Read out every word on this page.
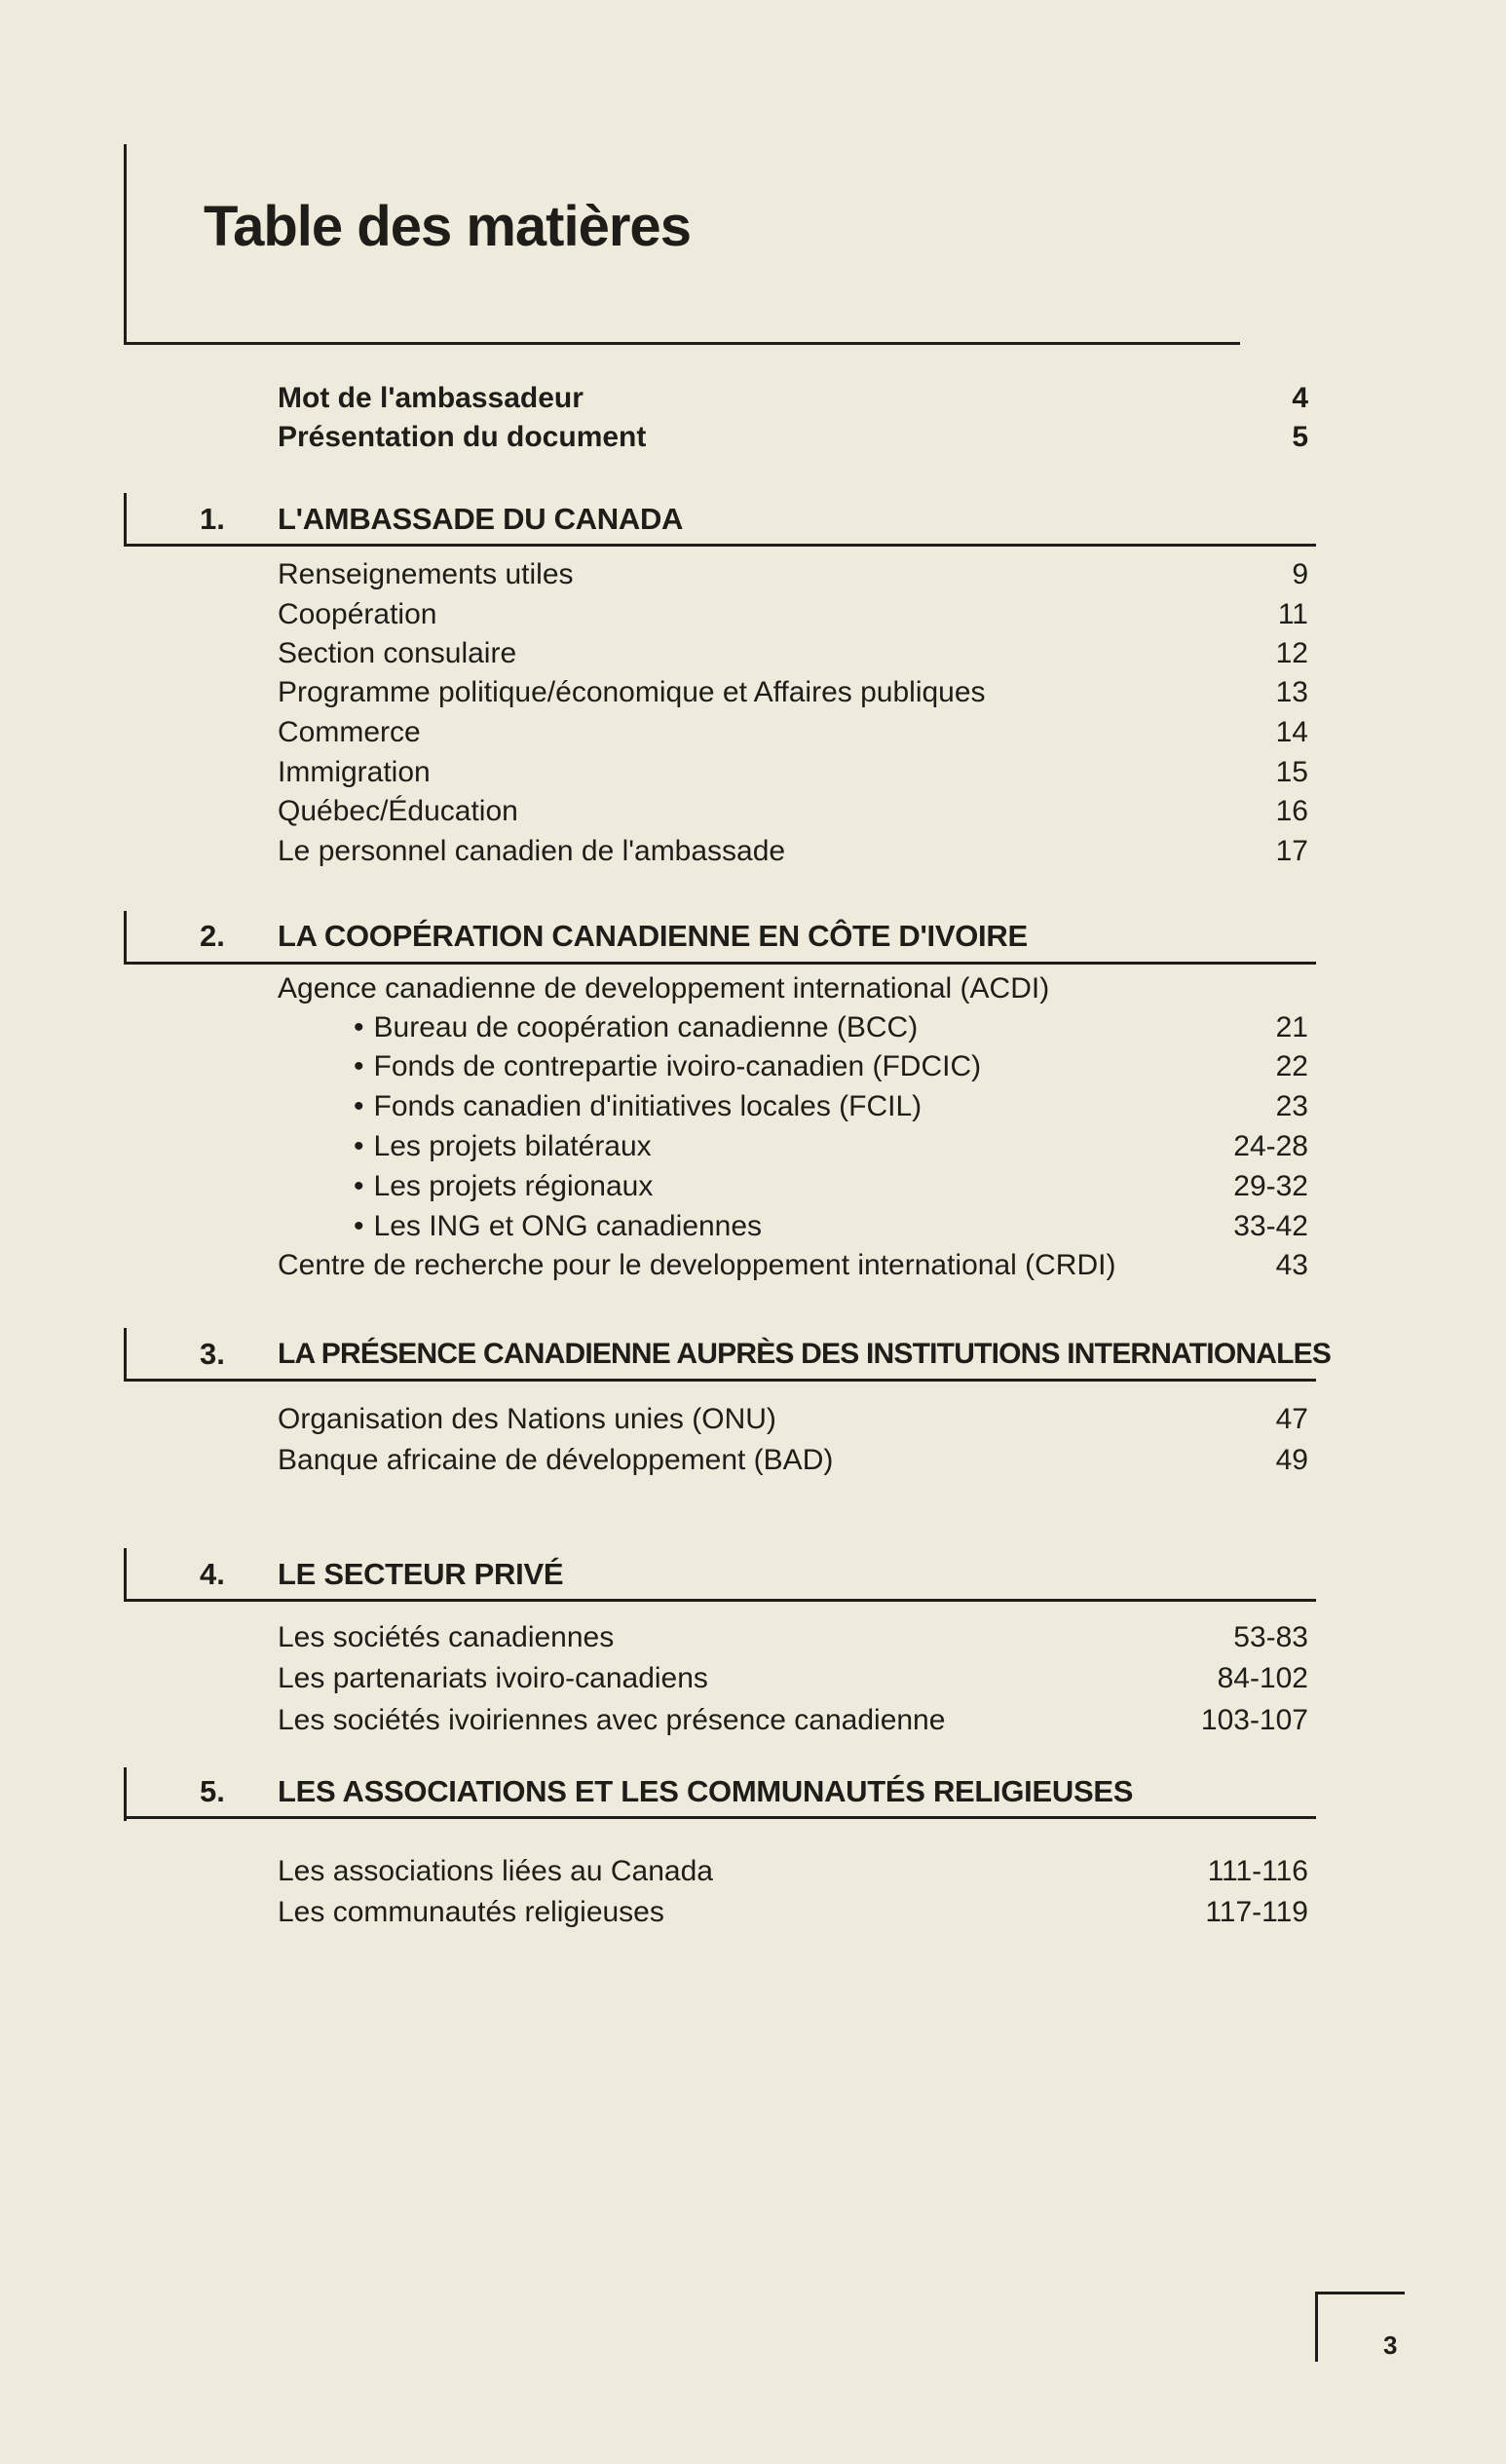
Table des matières
Mot de l'ambassadeur	4
Présentation du document	5
1.	L'AMBASSADE DU CANADA
Renseignements utiles	9
Coopération	11
Section consulaire	12
Programme politique/économique et Affaires publiques	13
Commerce	14
Immigration	15
Québec/Éducation	16
Le personnel canadien de l'ambassade	17
2.	LA COOPÉRATION CANADIENNE EN CÔTE D'IVOIRE
Agence canadienne de developpement international (ACDI)
• Bureau de coopération canadienne (BCC)	21
• Fonds de contrepartie ivoiro-canadien (FDCIC)	22
• Fonds canadien d'initiatives locales (FCIL)	23
• Les projets bilatéraux	24-28
• Les projets régionaux	29-32
• Les ING et ONG canadiennes	33-42
Centre de recherche pour le developpement international (CRDI)	43
3.	LA PRÉSENCE CANADIENNE AUPRÈS DES INSTITUTIONS INTERNATIONALES
Organisation des Nations unies (ONU)	47
Banque africaine de développement (BAD)	49
4.	LE SECTEUR PRIVÉ
Les sociétés canadiennes	53-83
Les partenariats ivoiro-canadiens	84-102
Les sociétés ivoiriennes avec présence canadienne	103-107
5.	LES ASSOCIATIONS ET LES COMMUNAUTÉS RELIGIEUSES
Les associations liées au Canada	111-116
Les communautés religieuses	117-119
3
